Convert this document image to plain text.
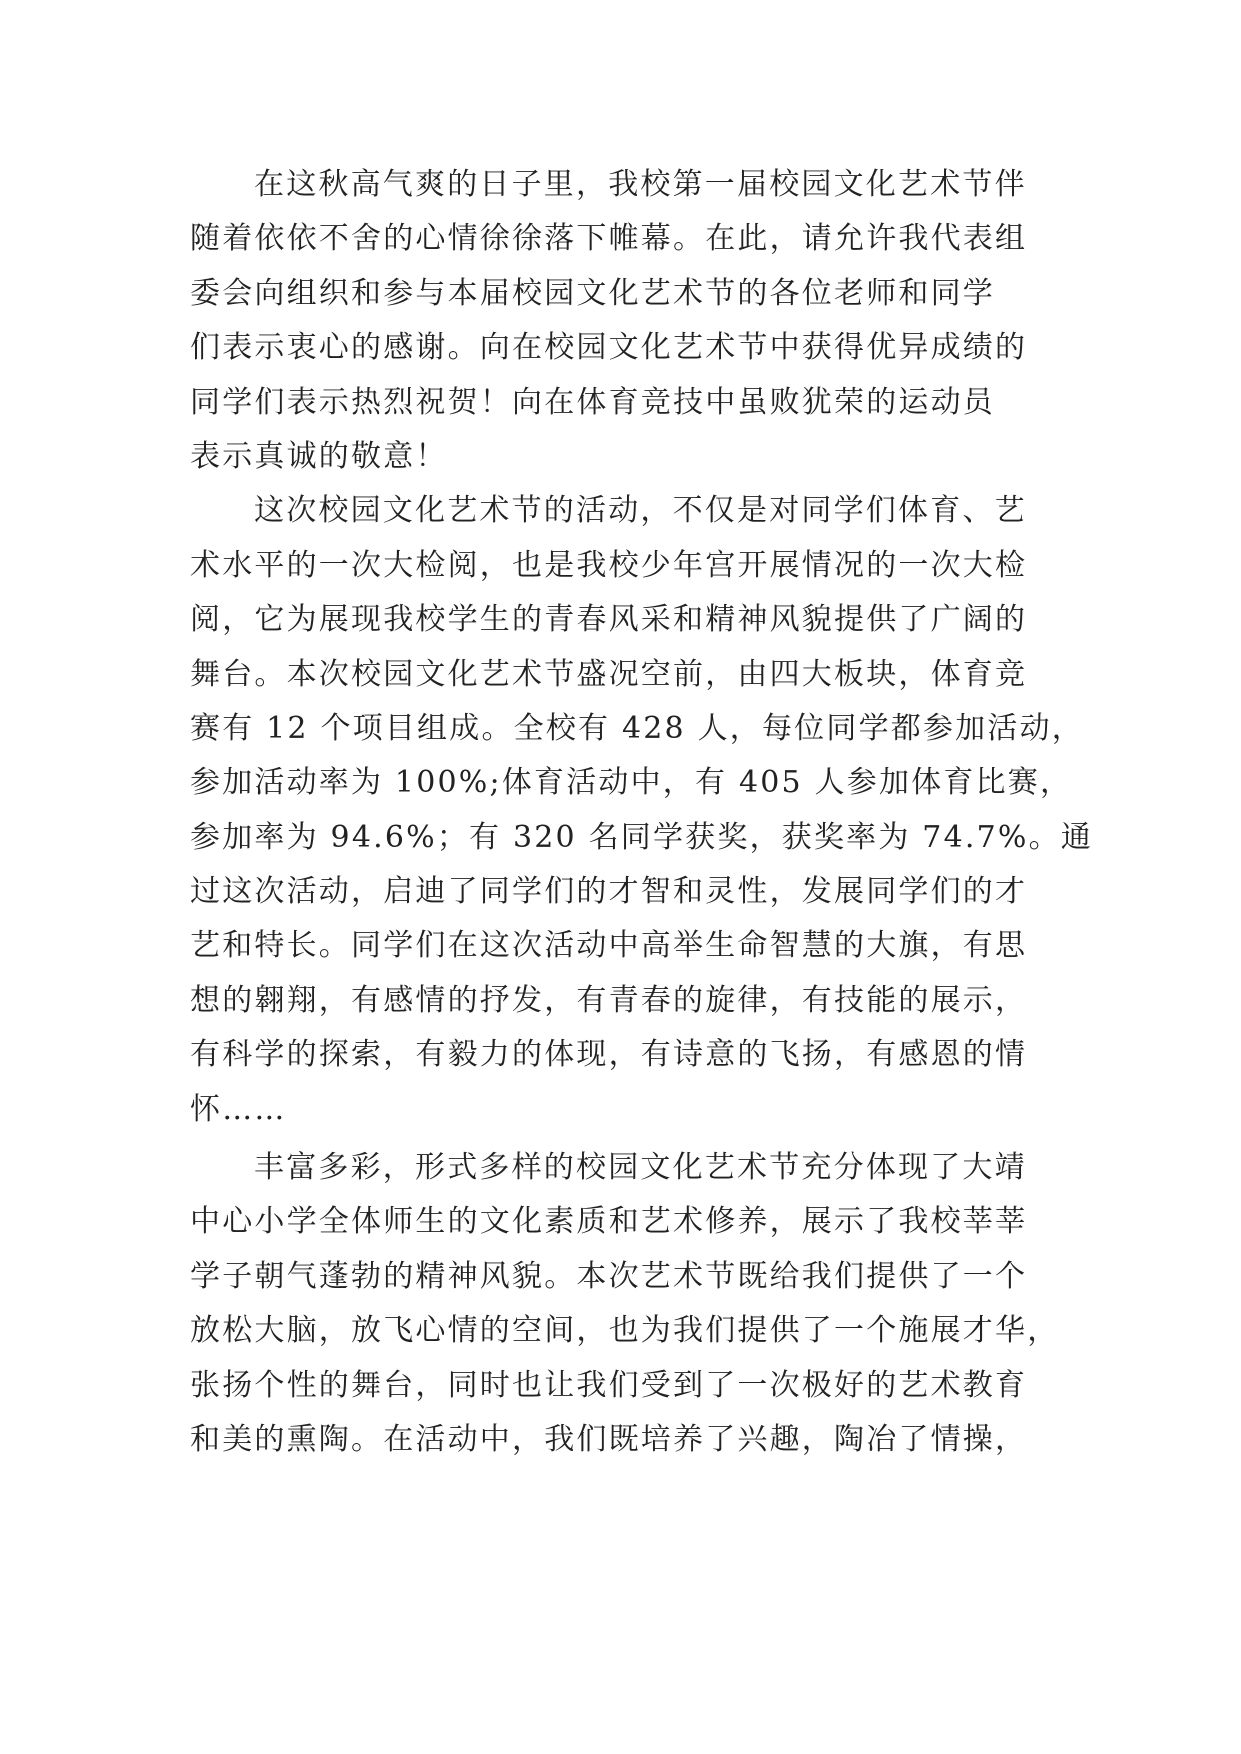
在这秋高气爽的日子里，我校第一届校园文化艺术节伴
随着依依不舍的心情徐徐落下帷幕。在此，请允许我代表组
委会向组织和参与本届校园文化艺术节的各位老师和同学
们表示衷心的感谢。向在校园文化艺术节中获得优异成绩的
同学们表示热烈祝贺！向在体育竞技中虽败犹荣的运动员
表示真诚的敬意！
这次校园文化艺术节的活动，不仅是对同学们体育、艺
术水平的一次大检阅，也是我校少年宫开展情况的一次大检
阅，它为展现我校学生的青春风采和精神风貌提供了广阔的
舞台。本次校园文化艺术节盛况空前，由四大板块，体育竞
赛有 12 个项目组成。全校有 428 人，每位同学都参加活动，
参加活动率为 100%;体育活动中，有 405 人参加体育比赛，
参加率为 94.6%；有 320 名同学获奖，获奖率为 74.7%。通
过这次活动，启迪了同学们的才智和灵性，发展同学们的才
艺和特长。同学们在这次活动中高举生命智慧的大旗，有思
想的翱翔，有感情的抒发，有青春的旋律，有技能的展示，
有科学的探索，有毅力的体现，有诗意的飞扬，有感恩的情
怀……
丰富多彩，形式多样的校园文化艺术节充分体现了大靖
中心小学全体师生的文化素质和艺术修养，展示了我校莘莘
学子朝气蓬勃的精神风貌。本次艺术节既给我们提供了一个
放松大脑，放飞心情的空间，也为我们提供了一个施展才华，
张扬个性的舞台，同时也让我们受到了一次极好的艺术教育
和美的熏陶。在活动中，我们既培养了兴趣，陶冶了情操，
